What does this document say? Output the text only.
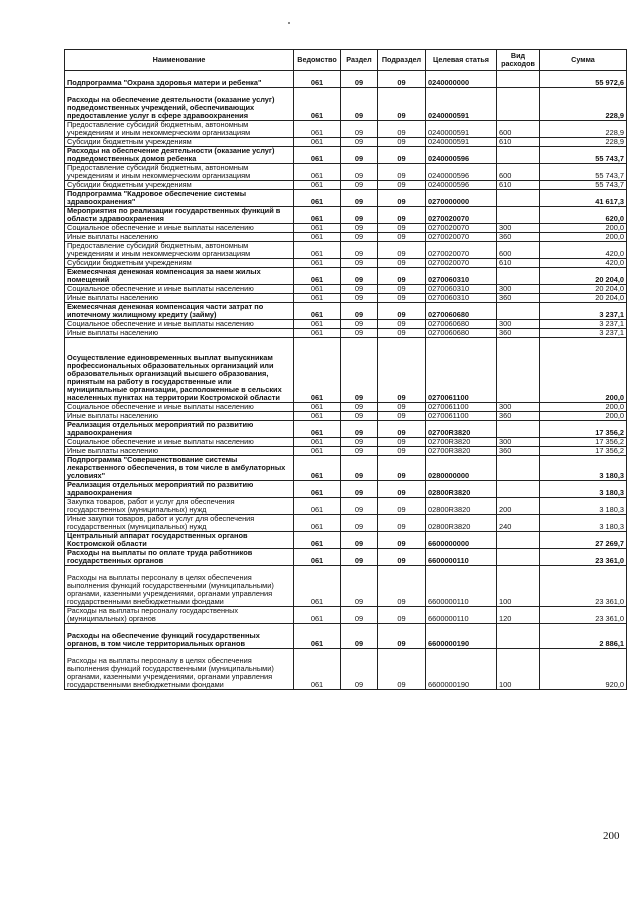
Наименование	Ведомство	Раздел	Подраздел	Целевая статья	Вид расходов	Сумма
Подпрограмма "Охрана здоровья матери и ребенка"	061	09	09	0240000000		55 972,6
Расходы на обеспечение деятельности (оказание услуг) подведомственных учреждений, обеспечивающих предоставление услуг в сфере здравоохранения	061	09	09	0240000591		228,9
Предоставление субсидий бюджетным, автономным учреждениям и иным некоммерческим организациям	061	09	09	0240000591	600	228,9
Субсидии бюджетным учреждениям	061	09	09	0240000591	610	228,9
Расходы на обеспечение деятельности (оказание услуг) подведомственных домов ребенка	061	09	09	0240000596		55 743,7
Предоставление субсидий бюджетным, автономным учреждениям и иным некоммерческим организациям	061	09	09	0240000596	600	55 743,7
Субсидии бюджетным учреждениям	061	09	09	0240000596	610	55 743,7
Подпрограмма "Кадровое обеспечение системы здравоохранения"	061	09	09	0270000000		41 617,3
Мероприятия по реализации государственных функций в области здравоохранения	061	09	09	0270020070		620,0
Социальное обеспечение и иные выплаты населению	061	09	09	0270020070	300	200,0
Иные выплаты населению	061	09	09	0270020070	360	200,0
Предоставление субсидий бюджетным, автономным учреждениям и иным некоммерческим организациям	061	09	09	0270020070	600	420,0
Субсидии бюджетным учреждениям	061	09	09	0270020070	610	420,0
Ежемесячная денежная компенсация за наем жилых помещений	061	09	09	0270060310		20 204,0
Социальное обеспечение и иные выплаты населению	061	09	09	0270060310	300	20 204,0
Иные выплаты населению	061	09	09	0270060310	360	20 204,0
Ежемесячная денежная компенсация части затрат по ипотечному жилищному кредиту (займу)	061	09	09	0270060680		3 237,1
Социальное обеспечение и иные выплаты населению	061	09	09	0270060680	300	3 237,1
Иные выплаты населению	061	09	09	0270060680	360	3 237,1
Осуществление единовременных выплат выпускникам профессиональных образовательных организаций или образовательных организаций высшего образования, принятым на работу в государственные или муниципальные организации, расположенные в сельских населенных пунктах на территории Костромской области	061	09	09	0270061100		200,0
Социальное обеспечение и иные выплаты населению	061	09	09	0270061100	300	200,0
Иные выплаты населению	061	09	09	0270061100	360	200,0
Реализация отдельных мероприятий по развитию здравоохранения	061	09	09	02700R3820		17 356,2
Социальное обеспечение и иные выплаты населению	061	09	09	02700R3820	300	17 356,2
Иные выплаты населению	061	09	09	02700R3820	360	17 356,2
Подпрограмма "Совершенствование системы лекарственного обеспечения, в том числе в амбулаторных условиях"	061	09	09	0280000000		3 180,3
Реализация отдельных мероприятий по развитию здравоохранения	061	09	09	02800R3820		3 180,3
Закупка товаров, работ и услуг для обеспечения государственных (муниципальных) нужд	061	09	09	02800R3820	200	3 180,3
Иные закупки товаров, работ и услуг для обеспечения государственных (муниципальных) нужд	061	09	09	02800R3820	240	3 180,3
Центральный аппарат государственных органов Костромской области	061	09	09	6600000000		27 269,7
Расходы на выплаты по оплате труда работников государственных органов	061	09	09	6600000110		23 361,0
Расходы на выплаты персоналу в целях обеспечения выполнения функций государственными (муниципальными) органами, казенными учреждениями, органами управления государственными внебюджетными фондами	061	09	09	6600000110	100	23 361,0
Расходы на выплаты персоналу государственных (муниципальных) органов	061	09	09	6600000110	120	23 361,0
Расходы на обеспечение функций государственных органов, в том числе территориальных органов	061	09	09	6600000190		2 886,1
Расходы на выплаты персоналу в целях обеспечения выполнения функций государственными (муниципальными) органами, казенными учреждениями, органами управления государственными внебюджетными фондами	061	09	09	6600000190	100	920,0
200
